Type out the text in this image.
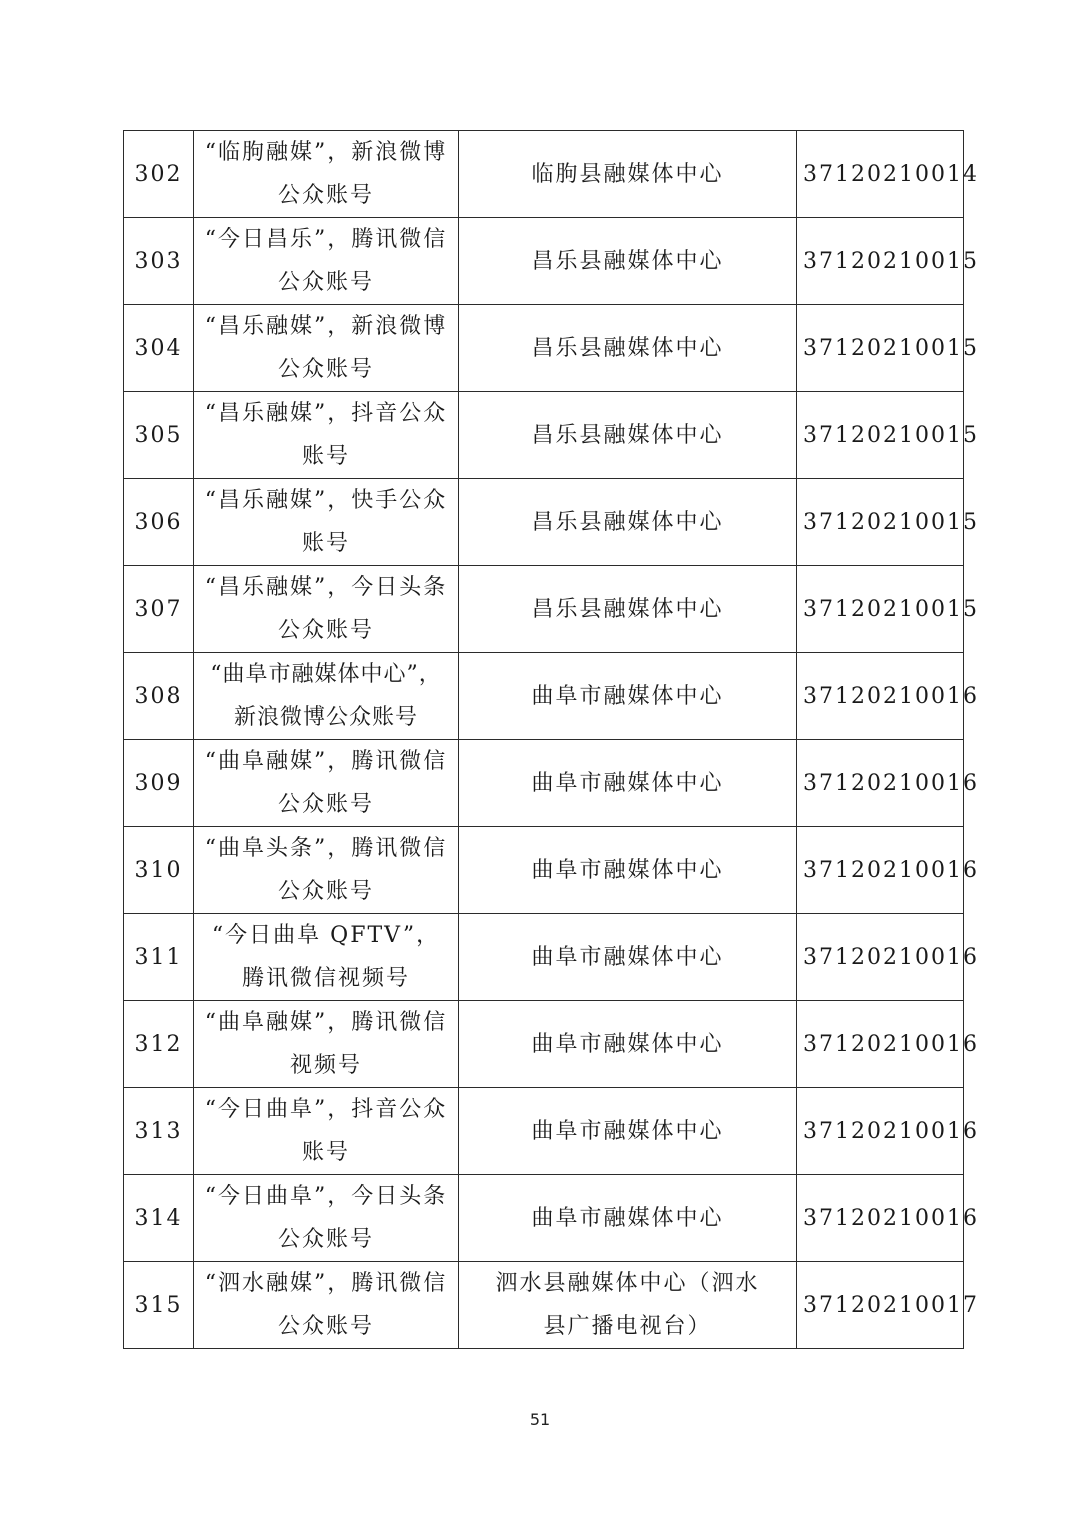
302	“临朐融媒”，新浪微博公众账号	临朐县融媒体中心	37120210014
303	“今日昌乐”，腾讯微信公众账号	昌乐县融媒体中心	37120210015
304	“昌乐融媒”，新浪微博公众账号	昌乐县融媒体中心	37120210015
305	“昌乐融媒”，抖音公众账号	昌乐县融媒体中心	37120210015
306	“昌乐融媒”，快手公众账号	昌乐县融媒体中心	37120210015
307	“昌乐融媒”，今日头条公众账号	昌乐县融媒体中心	37120210015
308	“曲阜市融媒体中心”，新浪微博公众账号	曲阜市融媒体中心	37120210016
309	“曲阜融媒”，腾讯微信公众账号	曲阜市融媒体中心	37120210016
310	“曲阜头条”，腾讯微信公众账号	曲阜市融媒体中心	37120210016
311	“今日曲阜 QFTV”，腾讯微信视频号	曲阜市融媒体中心	37120210016
312	“曲阜融媒”，腾讯微信视频号	曲阜市融媒体中心	37120210016
313	“今日曲阜”，抖音公众账号	曲阜市融媒体中心	37120210016
314	“今日曲阜”，今日头条公众账号	曲阜市融媒体中心	37120210016
315	“泗水融媒”，腾讯微信公众账号	泗水县融媒体中心（泗水县广播电视台）	37120210017
51
